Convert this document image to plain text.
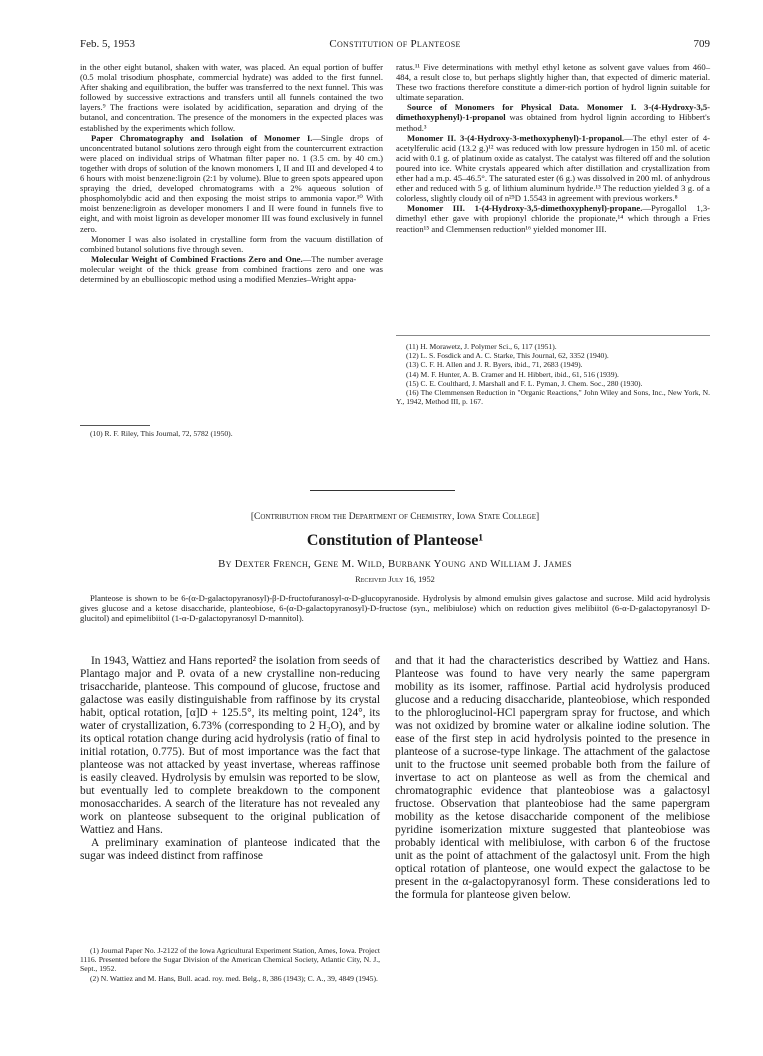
Feb. 5, 1953	Constitution of Planteose	709

in the other eight butanol, shaken with water, was placed. An equal portion of buffer (0.5 molal trisodium phosphate, commercial hydrate) was added to the first funnel. After shaking and equilibration, the buffer was transferred to the next funnel. This was followed by successive extractions and transfers until all funnels contained the two layers.⁹ The fractions were isolated by acidification, separation and drying of the butanol, and concentration. The presence of the monomers in the expected places was established by the experiments which follow.

Paper Chromatography and Isolation of Monomer I.—Single drops of unconcentrated butanol solutions zero through eight from the countercurrent extraction were placed on individual strips of Whatman filter paper no. 1 (3.5 cm. by 40 cm.) together with drops of solution of the known monomers I, II and III and developed 4 to 6 hours with moist benzene:ligroin (2:1 by volume). Blue to green spots appeared upon spraying the dried, developed chromatograms with a 2% aqueous solution of phosphomolybdic acid and then exposing the moist strips to ammonia vapor.¹⁰ With moist benzene:ligroin as developer monomers I and II were found in funnels five to eight, and with moist ligroin as developer monomer III was found exclusively in funnel zero.

Monomer I was also isolated in crystalline form from the vacuum distillation of combined butanol solutions five through seven.

Molecular Weight of Combined Fractions Zero and One.—The number average molecular weight of the thick grease from combined fractions zero and one was determined by an ebullioscopic method using a modified Menzies–Wright appa-

(10) R. F. Riley, This Journal, 72, 5782 (1950).

ratus.¹¹ Five determinations with methyl ethyl ketone as solvent gave values from 460–484, a result close to, but perhaps slightly higher than, that expected of dimeric material. These two fractions therefore constitute a dimer-rich portion of hydrol lignin suitable for ultimate separation.

Source of Monomers for Physical Data. Monomer I. 3-(4-Hydroxy-3,5-dimethoxyphenyl)-1-propanol was obtained from hydrol lignin according to Hibbert's method.³

Monomer II. 3-(4-Hydroxy-3-methoxyphenyl)-1-propanol.—The ethyl ester of 4-acetylferulic acid (13.2 g.)¹² was reduced with low pressure hydrogen in 150 ml. of acetic acid with 0.1 g. of platinum oxide as catalyst. The catalyst was filtered off and the solution poured into ice. White crystals appeared which after distillation and crystallization from ether had a m.p. 45–46.5°. The saturated ester (6 g.) was dissolved in 200 ml. of anhydrous ether and reduced with 5 g. of lithium aluminum hydride.¹³ The reduction yielded 3 g. of a colorless, slightly cloudy oil of n²⁵D 1.5543 in agreement with previous workers.⁸

Monomer III. 1-(4-Hydroxy-3,5-dimethoxyphenyl)-propane.—Pyrogallol 1,3-dimethyl ether gave with propionyl chloride the propionate,¹⁴ which through a Fries reaction¹⁵ and Clemmensen reduction¹⁶ yielded monomer III.

(11) H. Morawetz, J. Polymer Sci., 6, 117 (1951).

(12) L. S. Fosdick and A. C. Starke, This Journal, 62, 3352 (1940).

(13) C. F. H. Allen and J. R. Byers, ibid., 71, 2683 (1949).

(14) M. F. Hunter, A. B. Cramer and H. Hibbert, ibid., 61, 516 (1939).

(15) C. E. Coulthard, J. Marshall and F. L. Pyman, J. Chem. Soc., 280 (1930).

(16) The Clemmensen Reduction in "Organic Reactions," John Wiley and Sons, Inc., New York, N. Y., 1942, Method III, p. 167.

[Contribution from the Department of Chemistry, Iowa State College]
Constitution of Planteose¹
By Dexter French, Gene M. Wild, Burbank Young and William J. James
Received July 16, 1952
Planteose is shown to be 6-(α-D-galactopyranosyl)-β-D-fructofuranosyl-α-D-glucopyranoside. Hydrolysis by almond emulsin gives galactose and sucrose. Mild acid hydrolysis gives glucose and a ketose disaccharide, planteobiose, 6-(α-D-galactopyranosyl)-D-fructose (syn., melibiulose) which on reduction gives melibiitol (6-α-D-galactopyranosyl D-glucitol) and epimelibiitol (1-α-D-galactopyranosyl D-mannitol).

In 1943, Wattiez and Hans reported² the isolation from seeds of Plantago major and P. ovata of a new crystalline non-reducing trisaccharide, planteose. This compound of glucose, fructose and galactose was easily distinguishable from raffinose by its crystal habit, optical rotation, [α]D + 125.5°, its melting point, 124°, its water of crystallization, 6.73% (corresponding to 2 H₂O), and by its optical rotation change during acid hydrolysis (ratio of final to initial rotation, 0.775). But of most importance was the fact that planteose was not attacked by yeast invertase, whereas raffinose is easily cleaved. Hydrolysis by emulsin was reported to be slow, but eventually led to complete breakdown to the component monosaccharides. A search of the literature has not revealed any work on planteose subsequent to the original publication of Wattiez and Hans.

A preliminary examination of planteose indicated that the sugar was indeed distinct from raffinose

(1) Journal Paper No. J-2122 of the Iowa Agricultural Experiment Station, Ames, Iowa. Project 1116. Presented before the Sugar Division of the American Chemical Society, Atlantic City, N. J., Sept., 1952.

(2) N. Wattiez and M. Hans, Bull. acad. roy. med. Belg., 8, 386 (1943); C. A., 39, 4849 (1945).

and that it had the characteristics described by Wattiez and Hans. Planteose was found to have very nearly the same papergram mobility as its isomer, raffinose. Partial acid hydrolysis produced glucose and a reducing disaccharide, planteobiose, which responded to the phloroglucinol-HCl papergram spray for fructose, and which was not oxidized by bromine water or alkaline iodine solution. The ease of the first step in acid hydrolysis pointed to the presence in planteose of a sucrose-type linkage. The attachment of the galactose unit to the fructose unit seemed probable both from the failure of invertase to act on planteose as well as from the chemical and chromatographic evidence that planteobiose was a galactosyl fructose. Observation that planteobiose had the same papergram mobility as the ketose disaccharide component of the melibiose pyridine isomerization mixture suggested that planteobiose was probably identical with melibiulose, with carbon 6 of the fructose unit as the point of attachment of the galactosyl unit. From the high optical rotation of planteose, one would expect the galactose to be present in the α-galactopyranosyl form. These considerations led to the formula for planteose given below.
